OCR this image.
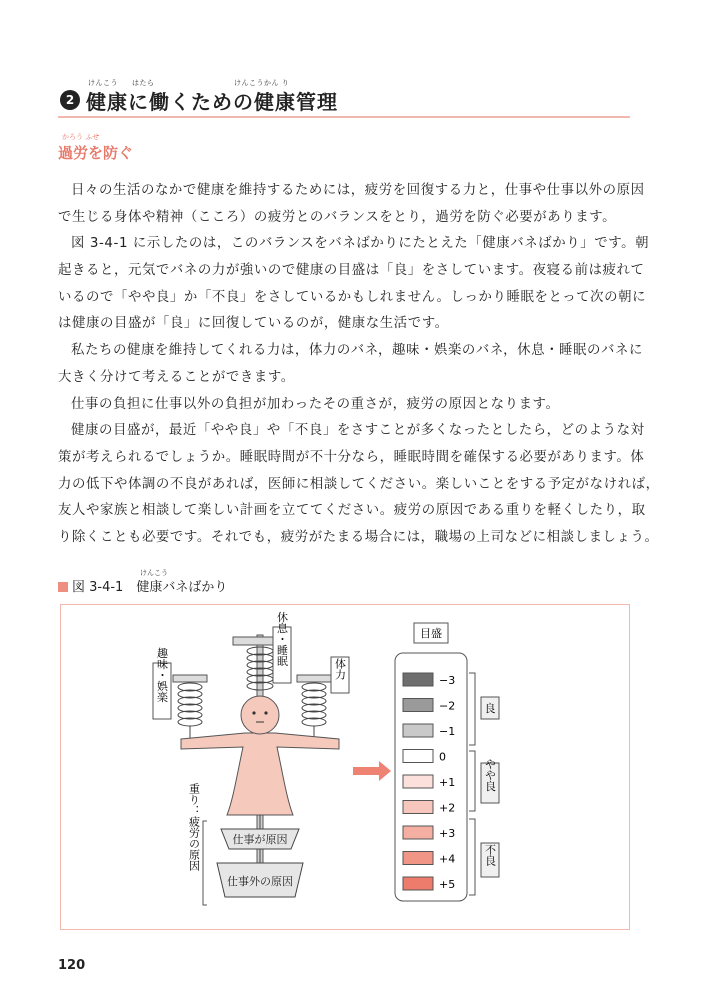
2
けんこう はたら	けんこうかん り
健康に働くための健康管理
かろう ふせ
過労を防ぐ
日々の生活のなかで健康を維持するためには，疲労を回復する力と，仕事や仕事以外の原因
で生じる身体や精神（こころ）の疲労とのバランスをとり，過労を防ぐ必要があります。
図 3-4-1 に示したのは，このバランスをバネばかりにたとえた「健康バネばかり」です。朝
起きると，元気でバネの力が強いので健康の目盛は「良」をさしています。夜寝る前は疲れて
いるので「やや良」か「不良」をさしているかもしれません。しっかり睡眠をとって次の朝に
は健康の目盛が「良」に回復しているのが，健康な生活です。
私たちの健康を維持してくれる力は，体力のバネ，趣味・娯楽のバネ，休息・睡眠のバネに
大きく分けて考えることができます。
仕事の負担に仕事以外の負担が加わったその重さが，疲労の原因となります。
健康の目盛が，最近「やや良」や「不良」をさすことが多くなったとしたら，どのような対
策が考えられるでしょうか。睡眠時間が不十分なら，睡眠時間を確保する必要があります。体
力の低下や体調の不良があれば，医師に相談してください。楽しいことをする予定がなければ，
友人や家族と相談して楽しい計画を立ててください。疲労の原因である重りを軽くしたり，取
り除くことも必要です。それでも，疲労がたまる場合には，職場の上司などに相談しましょう。
けんこう
図 3-4-1　健康バネばかり
仕事が原因
仕事外の原因
休息・睡眠
趣味・娯楽	体力
重り：疲労の原因
目盛
−3
−2
−1
0
+1
+2
+3
+4
+5
良
やや良
不良
120
